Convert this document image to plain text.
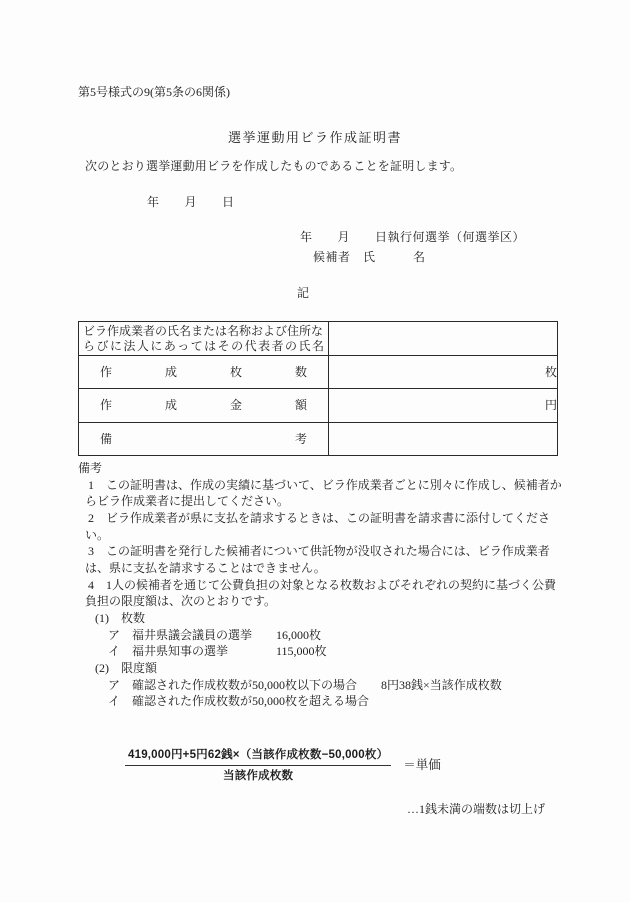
第5号様式の9(第5条の6関係)
選挙運動用ビラ作成証明書
次のとおり選挙運動用ビラを作成したものであることを証明します。
年　　月　　日
年　　月　　日執行何選挙（何選挙区）
候補者　氏　　　名
記
ビラ作成業者の氏名または名称および住所な
らびに法人にあってはその代表者の氏名	

作 成 枚 数	枚

作 成 金 額	円

備 考	

備考
1　この証明書は、作成の実績に基づいて、ビラ作成業者ごとに別々に作成し、候補者か
らビラ作成業者に提出してください。
2　ビラ作成業者が県に支払を請求するときは、この証明書を請求書に添付してくださ
い。
3　この証明書を発行した候補者について供託物が没収された場合には、ビラ作成業者
は、県に支払を請求することはできません。
4　1人の候補者を通じて公費負担の対象となる枚数およびそれぞれの契約に基づく公費
負担の限度額は、次のとおりです。
(1)　枚数
ア　福井県議会議員の選挙　　16,000枚
イ　福井県知事の選挙　　　　115,000枚
(2)　限度額
ア　確認された作成枚数が50,000枚以下の場合　　8円38銭×当該作成枚数
イ　確認された作成枚数が50,000枚を超える場合
$\frac{\text{419,000円+5円62銭×（当該作成枚数−50,000枚）}}{\text{当該作成枚数}}$ ＝単価
…1銭未満の端数は切上げ
